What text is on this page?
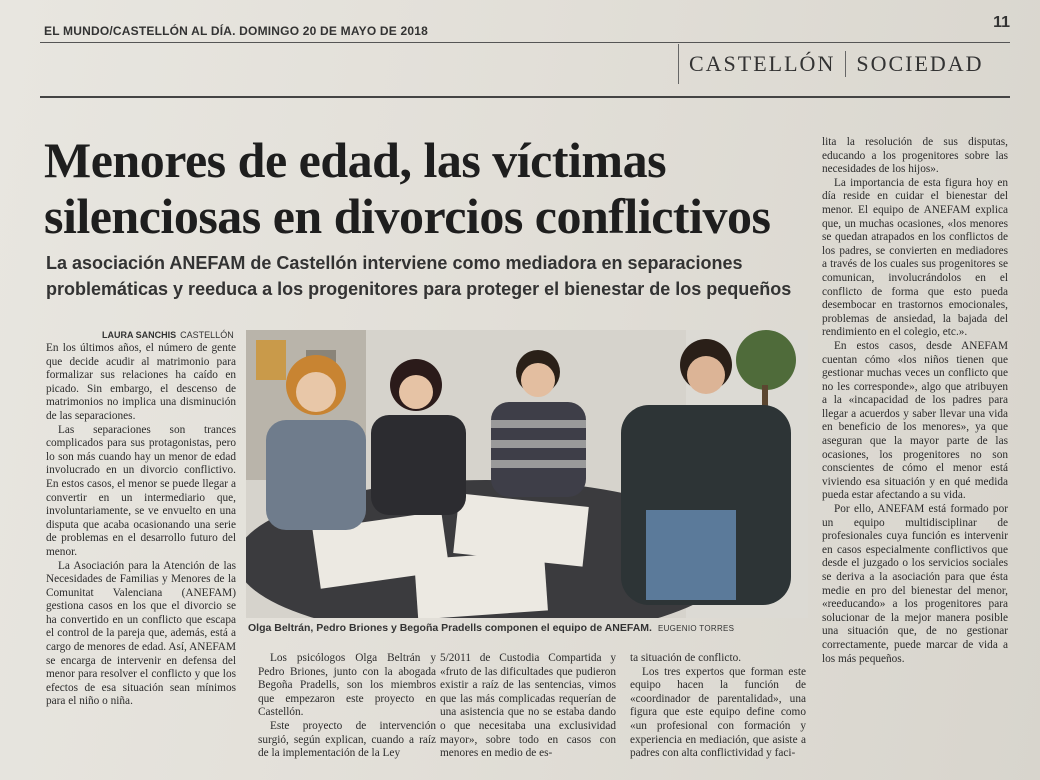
EL MUNDO/CASTELLÓN AL DÍA. DOMINGO 20 DE MAYO DE 2018	11
CASTELLÓN SOCIEDAD
Menores de edad, las víctimas silenciosas en divorcios conflictivos
La asociación ANEFAM de Castellón interviene como mediadora en separaciones problemáticas y reeduca a los progenitores para proteger el bienestar de los pequeños
LAURA SANCHIS CASTELLÓN

En los últimos años, el número de gente que decide acudir al matrimonio para formalizar sus relaciones ha caído en picado. Sin embargo, el descenso de matrimonios no implica una disminución de las separaciones.

Las separaciones son trances complicados para sus protagonistas, pero lo son más cuando hay un menor de edad involucrado en un divorcio conflictivo. En estos casos, el menor se puede llegar a convertir en un intermediario que, involuntariamente, se ve envuelto en una disputa que acaba ocasionando una serie de problemas en el desarrollo futuro del menor.

La Asociación para la Atención de las Necesidades de Familias y Menores de la Comunitat Valenciana (ANEFAM) gestiona casos en los que el divorcio se ha convertido en un conflicto que escapa el control de la pareja que, además, está a cargo de menores de edad. Así, ANEFAM se encarga de intervenir en defensa del menor para resolver el conflicto y que los efectos de esa situación sean mínimos para el niño o niña.

Olga Beltrán, Pedro Briones y Begoña Pradells componen el equipo de ANEFAM. EUGENIO TORRES

Los psicólogos Olga Beltrán y Pedro Briones, junto con la abogada Begoña Pradells, son los miembros que empezaron este proyecto en Castellón.

Este proyecto de intervención surgió, según explican, cuando a raíz de la implementación de la Ley

5/2011 de Custodia Compartida y «fruto de las dificultades que pudieron existir a raíz de las sentencias, vimos que las más complicadas requerían de una asistencia que no se estaba dando o que necesitaba una exclusividad mayor», sobre todo en casos con menores en medio de es-

ta situación de conflicto.

Los tres expertos que forman este equipo hacen la función de «coordinador de parentalidad», una figura que este equipo define como «un profesional con formación y experiencia en mediación, que asiste a padres con alta conflictividad y faci-

lita la resolución de sus disputas, educando a los progenitores sobre las necesidades de los hijos».

La importancia de esta figura hoy en día reside en cuidar el bienestar del menor. El equipo de ANEFAM explica que, un muchas ocasiones, «los menores se quedan atrapados en los conflictos de los padres, se convierten en mediadores a través de los cuales sus progenitores se comunican, involucrándolos en el conflicto de forma que esto pueda desembocar en trastornos emocionales, problemas de ansiedad, la bajada del rendimiento en el colegio, etc.».

En estos casos, desde ANEFAM cuentan cómo «los niños tienen que gestionar muchas veces un conflicto que no les corresponde», algo que atribuyen a la «incapacidad de los padres para llegar a acuerdos y saber llevar una vida en beneficio de los menores», ya que aseguran que la mayor parte de las ocasiones, los progenitores no son conscientes de cómo el menor está viviendo esa situación y en qué medida pueda estar afectando a su vida.

Por ello, ANEFAM está formado por un equipo multidisciplinar de profesionales cuya función es intervenir en casos especialmente conflictivos que desde el juzgado o los servicios sociales se deriva a la asociación para que ésta medie en pro del bienestar del menor, «reeducando» a los progenitores para solucionar de la mejor manera posible una situación que, de no gestionar correctamente, puede marcar de vida a los más pequeños.
